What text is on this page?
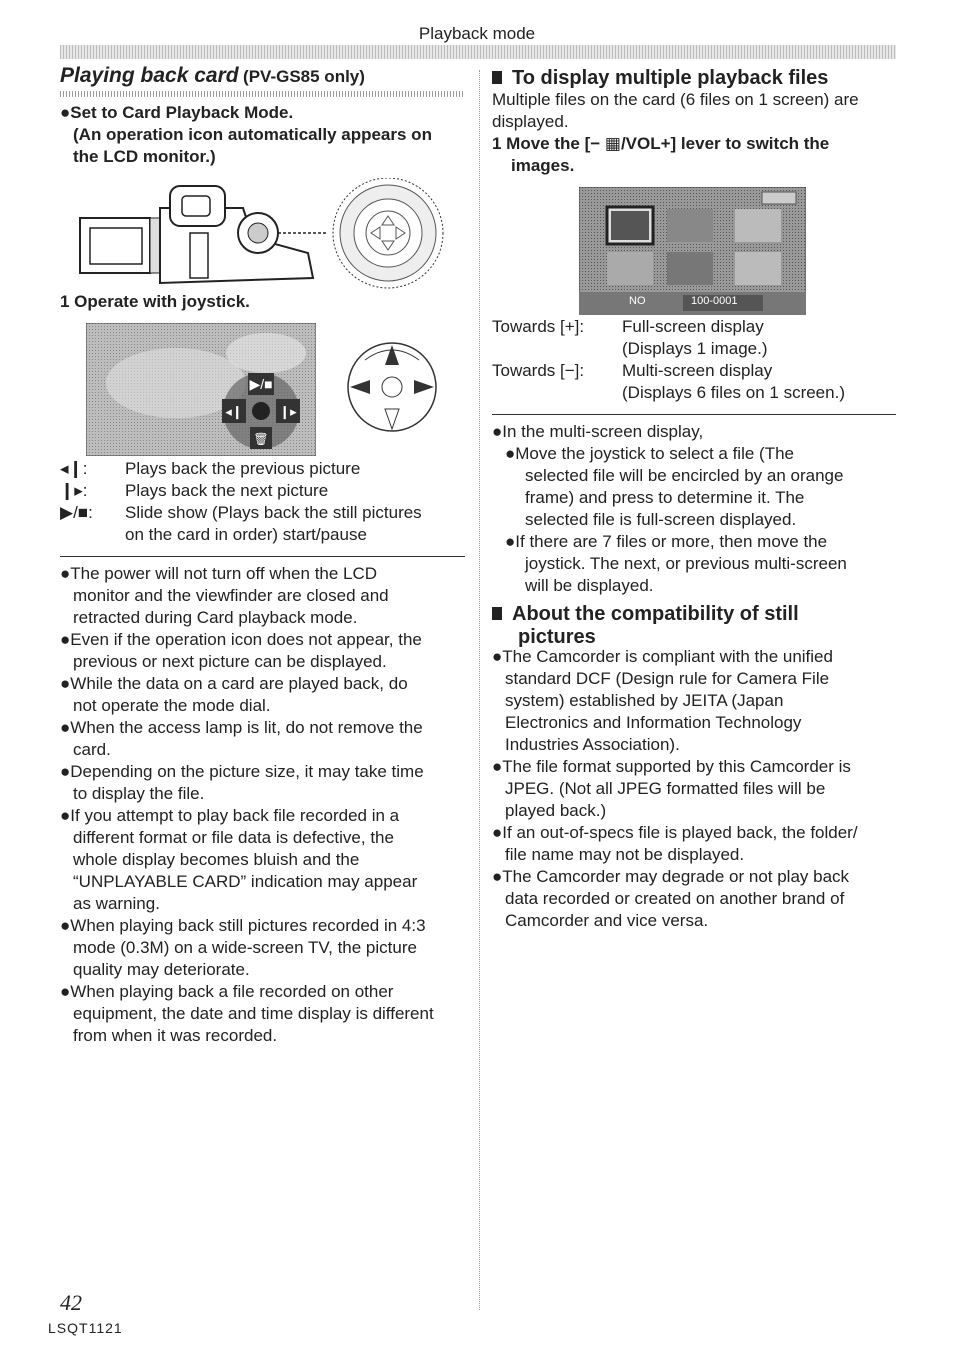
Playback mode
Playing back card (PV-GS85 only)
●Set to Card Playback Mode.
(An operation icon automatically appears on
the LCD monitor.)
1 Operate with joystick.
▶/■
◂❙	❙▸
🗑
◂❙:	Plays back the previous picture
❙▸:	Plays back the next picture
▶/■:	Slide show (Plays back the still pictures
on the card in order) start/pause
●The power will not turn off when the LCD
monitor and the viewfinder are closed and
retracted during Card playback mode.
●Even if the operation icon does not appear, the
previous or next picture can be displayed.
●While the data on a card are played back, do
not operate the mode dial.
●When the access lamp is lit, do not remove the
card.
●Depending on the picture size, it may take time
to display the file.
●If you attempt to play back file recorded in a
different format or file data is defective, the
whole display becomes bluish and the
“UNPLAYABLE CARD” indication may appear
as warning.
●When playing back still pictures recorded in 4:3
mode (0.3M) on a wide-screen TV, the picture
quality may deteriorate.
●When playing back a file recorded on other
equipment, the date and time display is different
from when it was recorded.
To display multiple playback files
Multiple files on the card (6 files on 1 screen) are
displayed.
1 Move the [− ▦/VOL+] lever to switch the
images.
NO	100-0001
Towards [+]:	Full-screen display
(Displays 1 image.)
Towards [−]:	Multi-screen display
(Displays 6 files on 1 screen.)
●In the multi-screen display,
●Move the joystick to select a file (The
selected file will be encircled by an orange
frame) and press to determine it. The
selected file is full-screen displayed.
●If there are 7 files or more, then move the
joystick. The next, or previous multi-screen
will be displayed.
About the compatibility of still
pictures
●The Camcorder is compliant with the unified
standard DCF (Design rule for Camera File
system) established by JEITA (Japan
Electronics and Information Technology
Industries Association).
●The file format supported by this Camcorder is
JPEG. (Not all JPEG formatted files will be
played back.)
●If an out-of-specs file is played back, the folder/
file name may not be displayed.
●The Camcorder may degrade or not play back
data recorded or created on another brand of
Camcorder and vice versa.
42
LSQT1121
